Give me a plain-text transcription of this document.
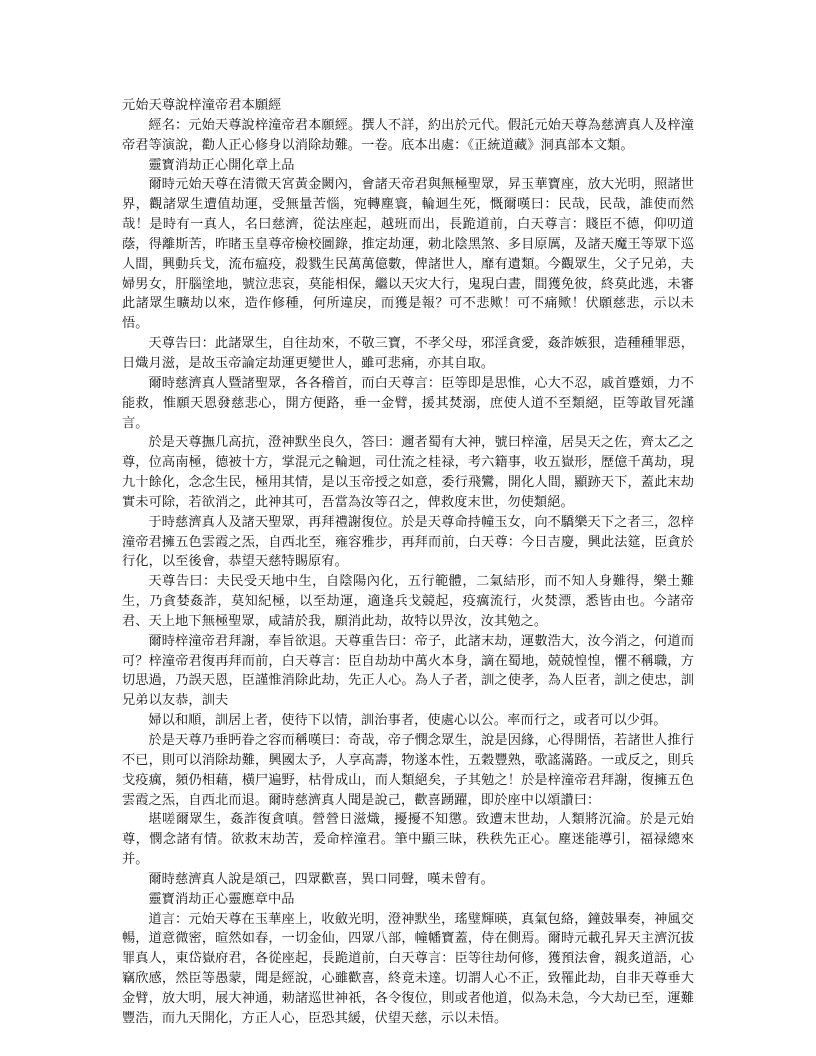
元始天尊說梓潼帝君本願經
經名：元始天尊說梓潼帝君本願經。撰人不詳，約出於元代。假託元始天尊為慈濟真人及梓潼帝君等演說，勸人正心修身以消除劫難。一卷。底本出處：《正統道藏》洞真部本文類。
靈寶消劫正心開化章上品
爾時元始天尊在清微天宮黃金闕內，會諸天帝君與無極聖眾，昇玉華寶座，放大光明，照諸世界，觀諸眾生遭值劫運，受無量苦惱，宛轉塵寰，輪迴生死，慨爾嘆曰：民哉，民哉，誰使而然哉！是時有一真人，名曰慈濟，從法座起，越班而出，長跪道前，白天尊言：賤臣不德，仰叨道蔭，得離斯苦，昨睹玉皇尊帝檢校圖錄，推定劫運，勅北陰黑煞、多目原厲，及諸天魔王等眾下巡人間，興動兵戈，流布瘟疫，殺戮生民萬萬億數，俾諸世人，靡有遺類。今觀眾生，父子兄弟，夫婦男女，肝腦塗地，號泣悲哀，莫能相保，繼以天灾大行，鬼現白晝，間獲免彼，終莫此逃，未審此諸眾生曠劫以來，造作修種，何所違戾，而獲是報？可不悲歟！可不痛歟！伏願慈悲，示以未悟。
天尊告曰：此諸眾生，自往劫來，不敬三寶，不孝父母，邪淫貪愛，姦詐嫉狠，造種種罪惡，日熾月滋，是故玉帝論定劫運更變世人，雖可悲痛，亦其自取。
爾時慈濟真人暨諸聖眾，各各稽首，而白天尊言：臣等即是思惟，心大不忍，戚首蹙頞，力不能救，惟願天恩發慈悲心，開方便路，垂一金臂，援其焚溺，庶使人道不至類絕，臣等敢冒死謹言。
於是天尊撫几高抗，澄神默坐良久，答曰：邇者蜀有大神，號曰梓潼，居昊天之佐，齊太乙之尊，位高南極，德被十方，掌混元之輪迴，司仕流之桂禄，考六籍事，收五嶽形，歷億千萬劫，現九十餘化，念念生民，極用其情，是以玉帝授之如意，委行飛鸞，開化人間，顯跡天下，蓋此末劫實未可除，若欲消之，此神其可，吾當為汝等召之，俾救度末世，勿使類絕。
于時慈濟真人及諸天聖眾，再拜禮謝復位。於是天尊命持幢玉女，向不驕樂天下之者三，忽梓潼帝君擁五色雲霞之炁，自西北至，雍容雅步，再拜而前，白天尊：今日吉慶，興此法筵，臣貪於行化，以至後會，恭望天慈特賜原宥。
天尊告曰：夫民受天地中生，自陰陽內化，五行範體，二氣結形，而不知人身難得，樂土難生，乃貪婪姦詐，莫知紀極，以至劫運，適逢兵戈競起，疫癘流行，火焚漂，悉皆由也。今諸帝君、天上地下無極聖眾，咸請於我，願消此劫，故特以畀汝，汝其勉之。
爾時梓潼帝君拜謝，奉旨欲退。天尊重告曰：帝子，此諸末劫，運數浩大，汝今消之，何道而可？梓潼帝君復再拜而前，白天尊言：臣自劫劫中萬火本身，謫在蜀地，兢兢惶惶，懼不稱職，方切思過，乃誤天恩，臣謹惟消除此劫，先正人心。為人子者，訓之使孝，為人臣者，訓之使忠，訓兄弟以友恭，訓夫
婦以和順，訓居上者，使待下以情，訓治事者，使處心以公。率而行之，或者可以少弭。
於是天尊乃垂眄眷之容而稱嘆曰：奇哉，帝子憫念眾生，說是因緣，心得開悟，若諸世人推行不已，則可以消除劫難，興國太予，人享高壽，物遂本性，五穀豐熟，歌謠滿路。一或反之，則兵戈疫癘，頻仍相藉，橫尸遍野，枯骨成山，而人類絕矣，子其勉之！於是梓潼帝君拜謝，復擁五色雲霞之炁，自西北而退。爾時慈濟真人聞是說己，歡喜踴躍，即於座中以頌讚曰：
堪嗟爾眾生，姦詐復貪嗔。營營日滋熾，擾擾不知懲。致遭末世劫，人類將沉淪。於是元始尊，憫念諸有情。欲救末劫苦，爰命梓潼君。筆中顯三昧，秩秩先正心。塵迷能導引，福禄總來并。
爾時慈濟真人說是頌己，四眾歡喜，異口同聲，嘆未曾有。
靈寶消劫正心靈應章中品
道言：元始天尊在玉華座上，收斂光明，澄神默坐，瑤璧輝暎，真氣包絡，鐘鼓畢奏，神風交暢，道意微密，暄然如春，一切金仙，四眾八部，幢幡寶蓋，侍在側焉。爾時元載孔昇天主濟沉拔罪真人，東岱嶽府君，各從座起，長跪道前，白天尊言：臣等往劫何修，獲預法會，親炙道語，心竊欣感，然臣等愚蒙，聞是經說，心雖歡喜，終竟未達。切謂人心不正，致罹此劫，自非天尊垂大金臂，放大明，展大神通，勅諸巡世神祇，各令復位，則或者他道，似為未急，今大劫已至，運難豐浩，而九天開化，方正人心，臣恐其緩，伏望天慈，示以未悟。
